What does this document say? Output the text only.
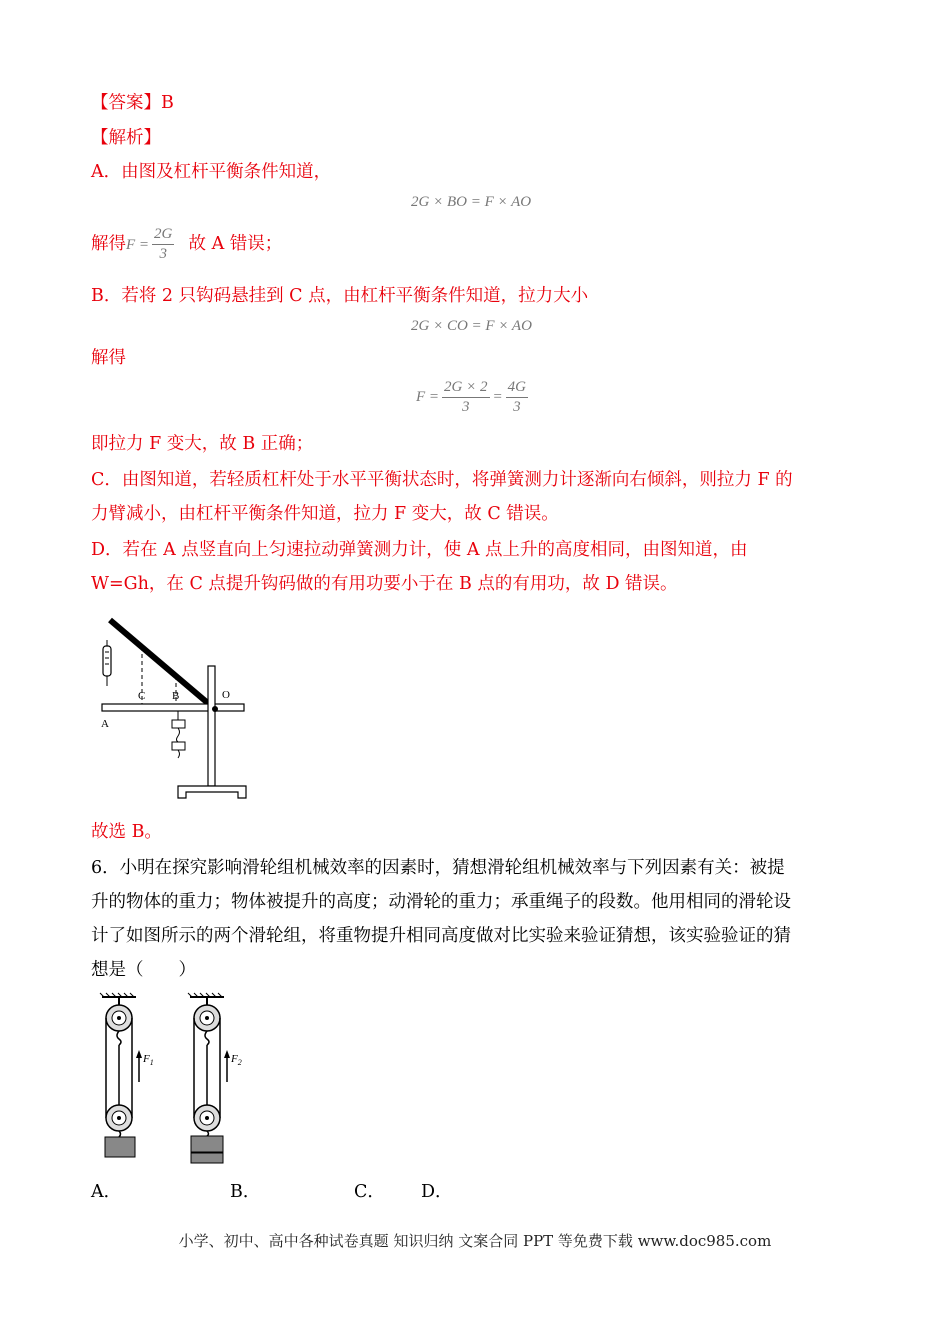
【答案】B
【解析】
A．由图及杠杆平衡条件知道，
2G × BO = F × AO
解得$F = \frac{2G}{3}$ 故 A 错误；
B．若将 2 只钩码悬挂到 C 点，由杠杆平衡条件知道，拉力大小
2G × CO = F × AO
解得
$F = \frac{2G \times 2}{3} = \frac{4G}{3}$
即拉力 F 变大，故 B 正确；
C．由图知道，若轻质杠杆处于水平平衡状态时，将弹簧测力计逐渐向右倾斜，则拉力 F 的
力臂减小，由杠杆平衡条件知道，拉力 F 变大，故 C 错误。
D．若在 A 点竖直向上匀速拉动弹簧测力计，使 A 点上升的高度相同，由图知道，由
W=Gh，在 C 点提升钩码做的有用功要小于在 B 点的有用功，故 D 错误。
C B	O
A
故选 B。
6．小明在探究影响滑轮组机械效率的因素时，猜想滑轮组机械效率与下列因素有关：被提
升的物体的重力；物体被提升的高度；动滑轮的重力；承重绳子的段数。他用相同的滑轮设
计了如图所示的两个滑轮组，将重物提升相同高度做对比实验来验证猜想，该实验验证的猜
想是（　　）
$F_1$	$F_2$
A．	B．	C． D．
小学、初中、高中各种试卷真题 知识归纳 文案合同 PPT 等免费下载 www.doc985.com
